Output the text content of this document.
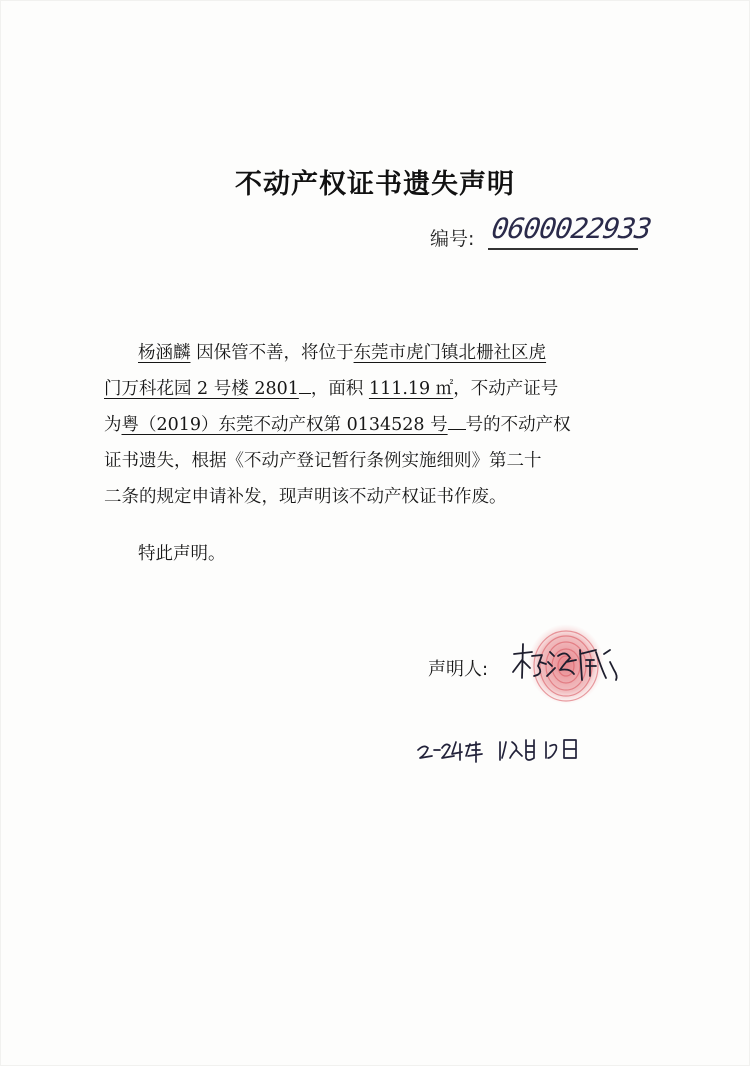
不动产权证书遗失声明
编号: 0600022933
杨涵麟 因保管不善，将位于东莞市虎门镇北栅社区虎
门万科花园 2 号楼 2801 ，面积 111.19 ㎡，不动产证号
为粤（2019）东莞不动产权第 0134528 号 号的不动产权
证书遗失，根据《不动产登记暂行条例实施细则》第二十
二条的规定申请补发，现声明该不动产权证书作废。
特此声明。
声明人:
